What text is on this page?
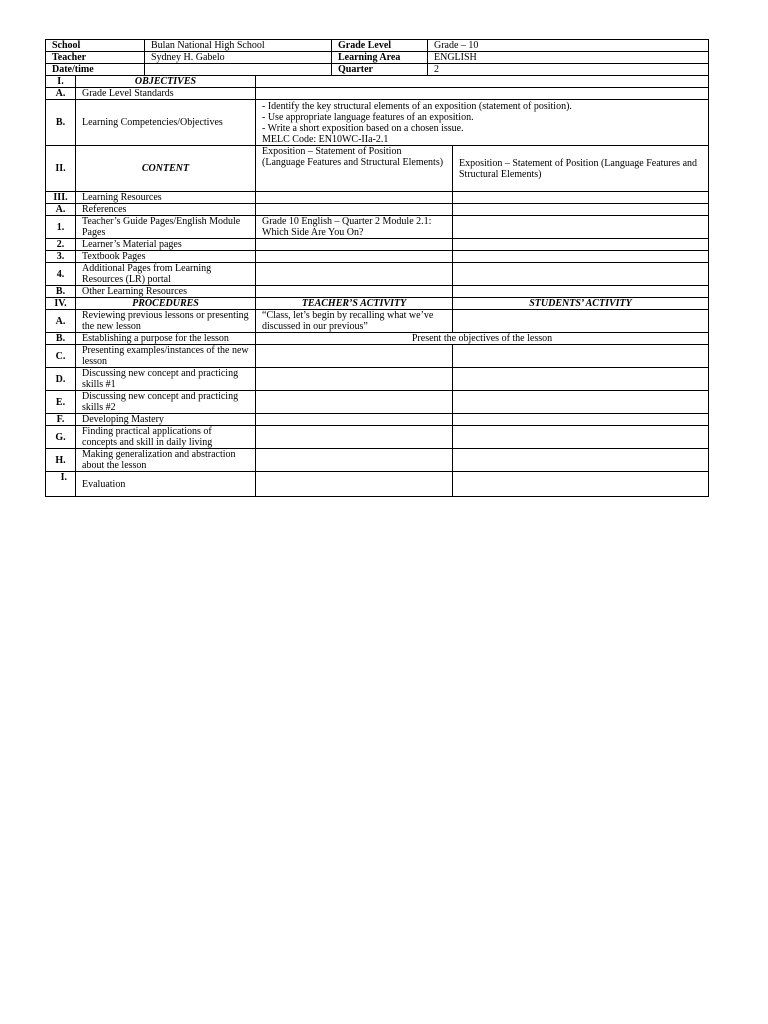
School	Bulan National High School	Grade Level	Grade – 10
Teacher	Sydney H. Gabelo	Learning Area	ENGLISH
Date/time		Quarter	2
I.	OBJECTIVES		
A.	Grade Level Standards		
B.	Learning Competencies/Objectives	- Identify the key structural elements of an exposition (statement of position).
- Use appropriate language features of an exposition.
- Write a short exposition based on a chosen issue.
MELC Code: EN10WC-IIa-2.1	

II.	CONTENT	Exposition – Statement of Position (Language Features and Structural Elements)	Exposition – Statement of Position (Language Features and Structural Elements)
III.	Learning Resources		
A.	References		
1.	Teacher’s Guide Pages/English Module Pages	Grade 10 English – Quarter 2 Module 2.1: Which Side Are You On?	
2.	Learner’s Material pages		
3.	Textbook Pages		
4.	Additional Pages from Learning Resources (LR) portal		
B.	Other Learning Resources		
IV.	PROCEDURES	TEACHER’S ACTIVITY	STUDENTS’ ACTIVITY
A.	Reviewing previous lessons or presenting the new lesson	“Class, let’s begin by recalling what we’ve discussed in our previous”	
B.	Establishing a purpose for the lesson	Present the objectives of the lesson	
C.	Presenting examples/instances of the new lesson		
D.	Discussing new concept and practicing skills #1		
E.	Discussing new concept and practicing skills #2		
F.	Developing Mastery		
G.	Finding practical applications of concepts and skill in daily living		
H.	Making generalization and abstraction about the lesson		
I.	Evaluation		
